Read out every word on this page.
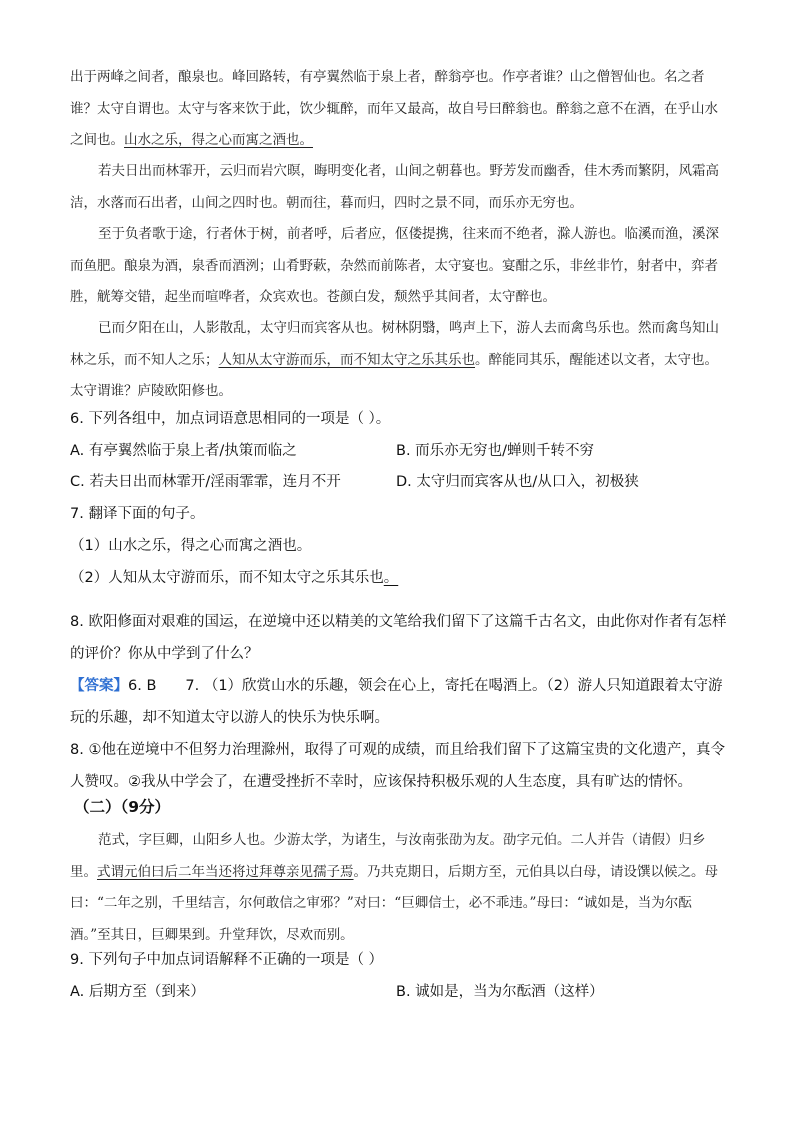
出于两峰之间者，酿泉也。峰回路转，有亭翼然临于泉上者，醉翁亭也。作亭者谁？山之僧智仙也。名之者谁？太守自谓也。太守与客来饮于此，饮少辄醉，而年又最高，故自号曰醉翁也。醉翁之意不在酒，在乎山水之间也。山水之乐，得之心而寓之酒也。
若夫日出而林霏开，云归而岩穴暝，晦明变化者，山间之朝暮也。野芳发而幽香，佳木秀而繁阴，风霜高洁，水落而石出者，山间之四时也。朝而往，暮而归，四时之景不同，而乐亦无穷也。
至于负者歌于途，行者休于树，前者呼，后者应，伛偻提携，往来而不绝者，滁人游也。临溪而渔，溪深而鱼肥。酿泉为酒，泉香而酒洌；山肴野蔌，杂然而前陈者，太守宴也。宴酣之乐，非丝非竹，射者中，弈者胜，觥筹交错，起坐而喧哗者，众宾欢也。苍颜白发，颓然乎其间者，太守醉也。
已而夕阳在山，人影散乱，太守归而宾客从也。树林阴翳，鸣声上下，游人去而禽鸟乐也。然而禽鸟知山林之乐，而不知人之乐；人知从太守游而乐，而不知太守之乐其乐也。醉能同其乐，醒能述以文者，太守也。太守谓谁？庐陵欧阳修也。
6. 下列各组中，加点词语意思相同的一项是（ ）。
A. 有亭翼然临于泉上者/执策而临之	B. 而乐亦无穷也/蝉则千转不穷
C. 若夫日出而林霏开/淫雨霏霏，连月不开	D. 太守归而宾客从也/从口入，初极狭
7. 翻译下面的句子。
（1）山水之乐，得之心而寓之酒也。
（2）人知从太守游而乐，而不知太守之乐其乐也。
8. 欧阳修面对艰难的国运，在逆境中还以精美的文笔给我们留下了这篇千古名文，由此你对作者有怎样的评价？你从中学到了什么？
【答案】6. B　　7. （1）欣赏山水的乐趣，领会在心上，寄托在喝酒上。（2）游人只知道跟着太守游玩的乐趣，却不知道太守以游人的快乐为快乐啊。
8. ①他在逆境中不但努力治理滁州，取得了可观的成绩，而且给我们留下了这篇宝贵的文化遗产，真令人赞叹。②我从中学会了，在遭受挫折不幸时，应该保持积极乐观的人生态度，具有旷达的情怀。
（二）（9分）
范式，字巨卿，山阳乡人也。少游太学，为诸生，与汝南张劭为友。劭字元伯。二人并告（请假）归乡里。式谓元伯曰后二年当还将过拜尊亲见孺子焉。乃共克期日，后期方至，元伯具以白母，请设馔以候之。母曰：“二年之别，千里结言，尔何敢信之审邪？”对曰：“巨卿信士，必不乖违。”母曰：“诚如是，当为尔酝酒。”至其日，巨卿果到。升堂拜饮，尽欢而别。
9. 下列句子中加点词语解释不正确的一项是（ ）
A. 后期方至（到来）	B. 诚如是，当为尔酝酒（这样）
